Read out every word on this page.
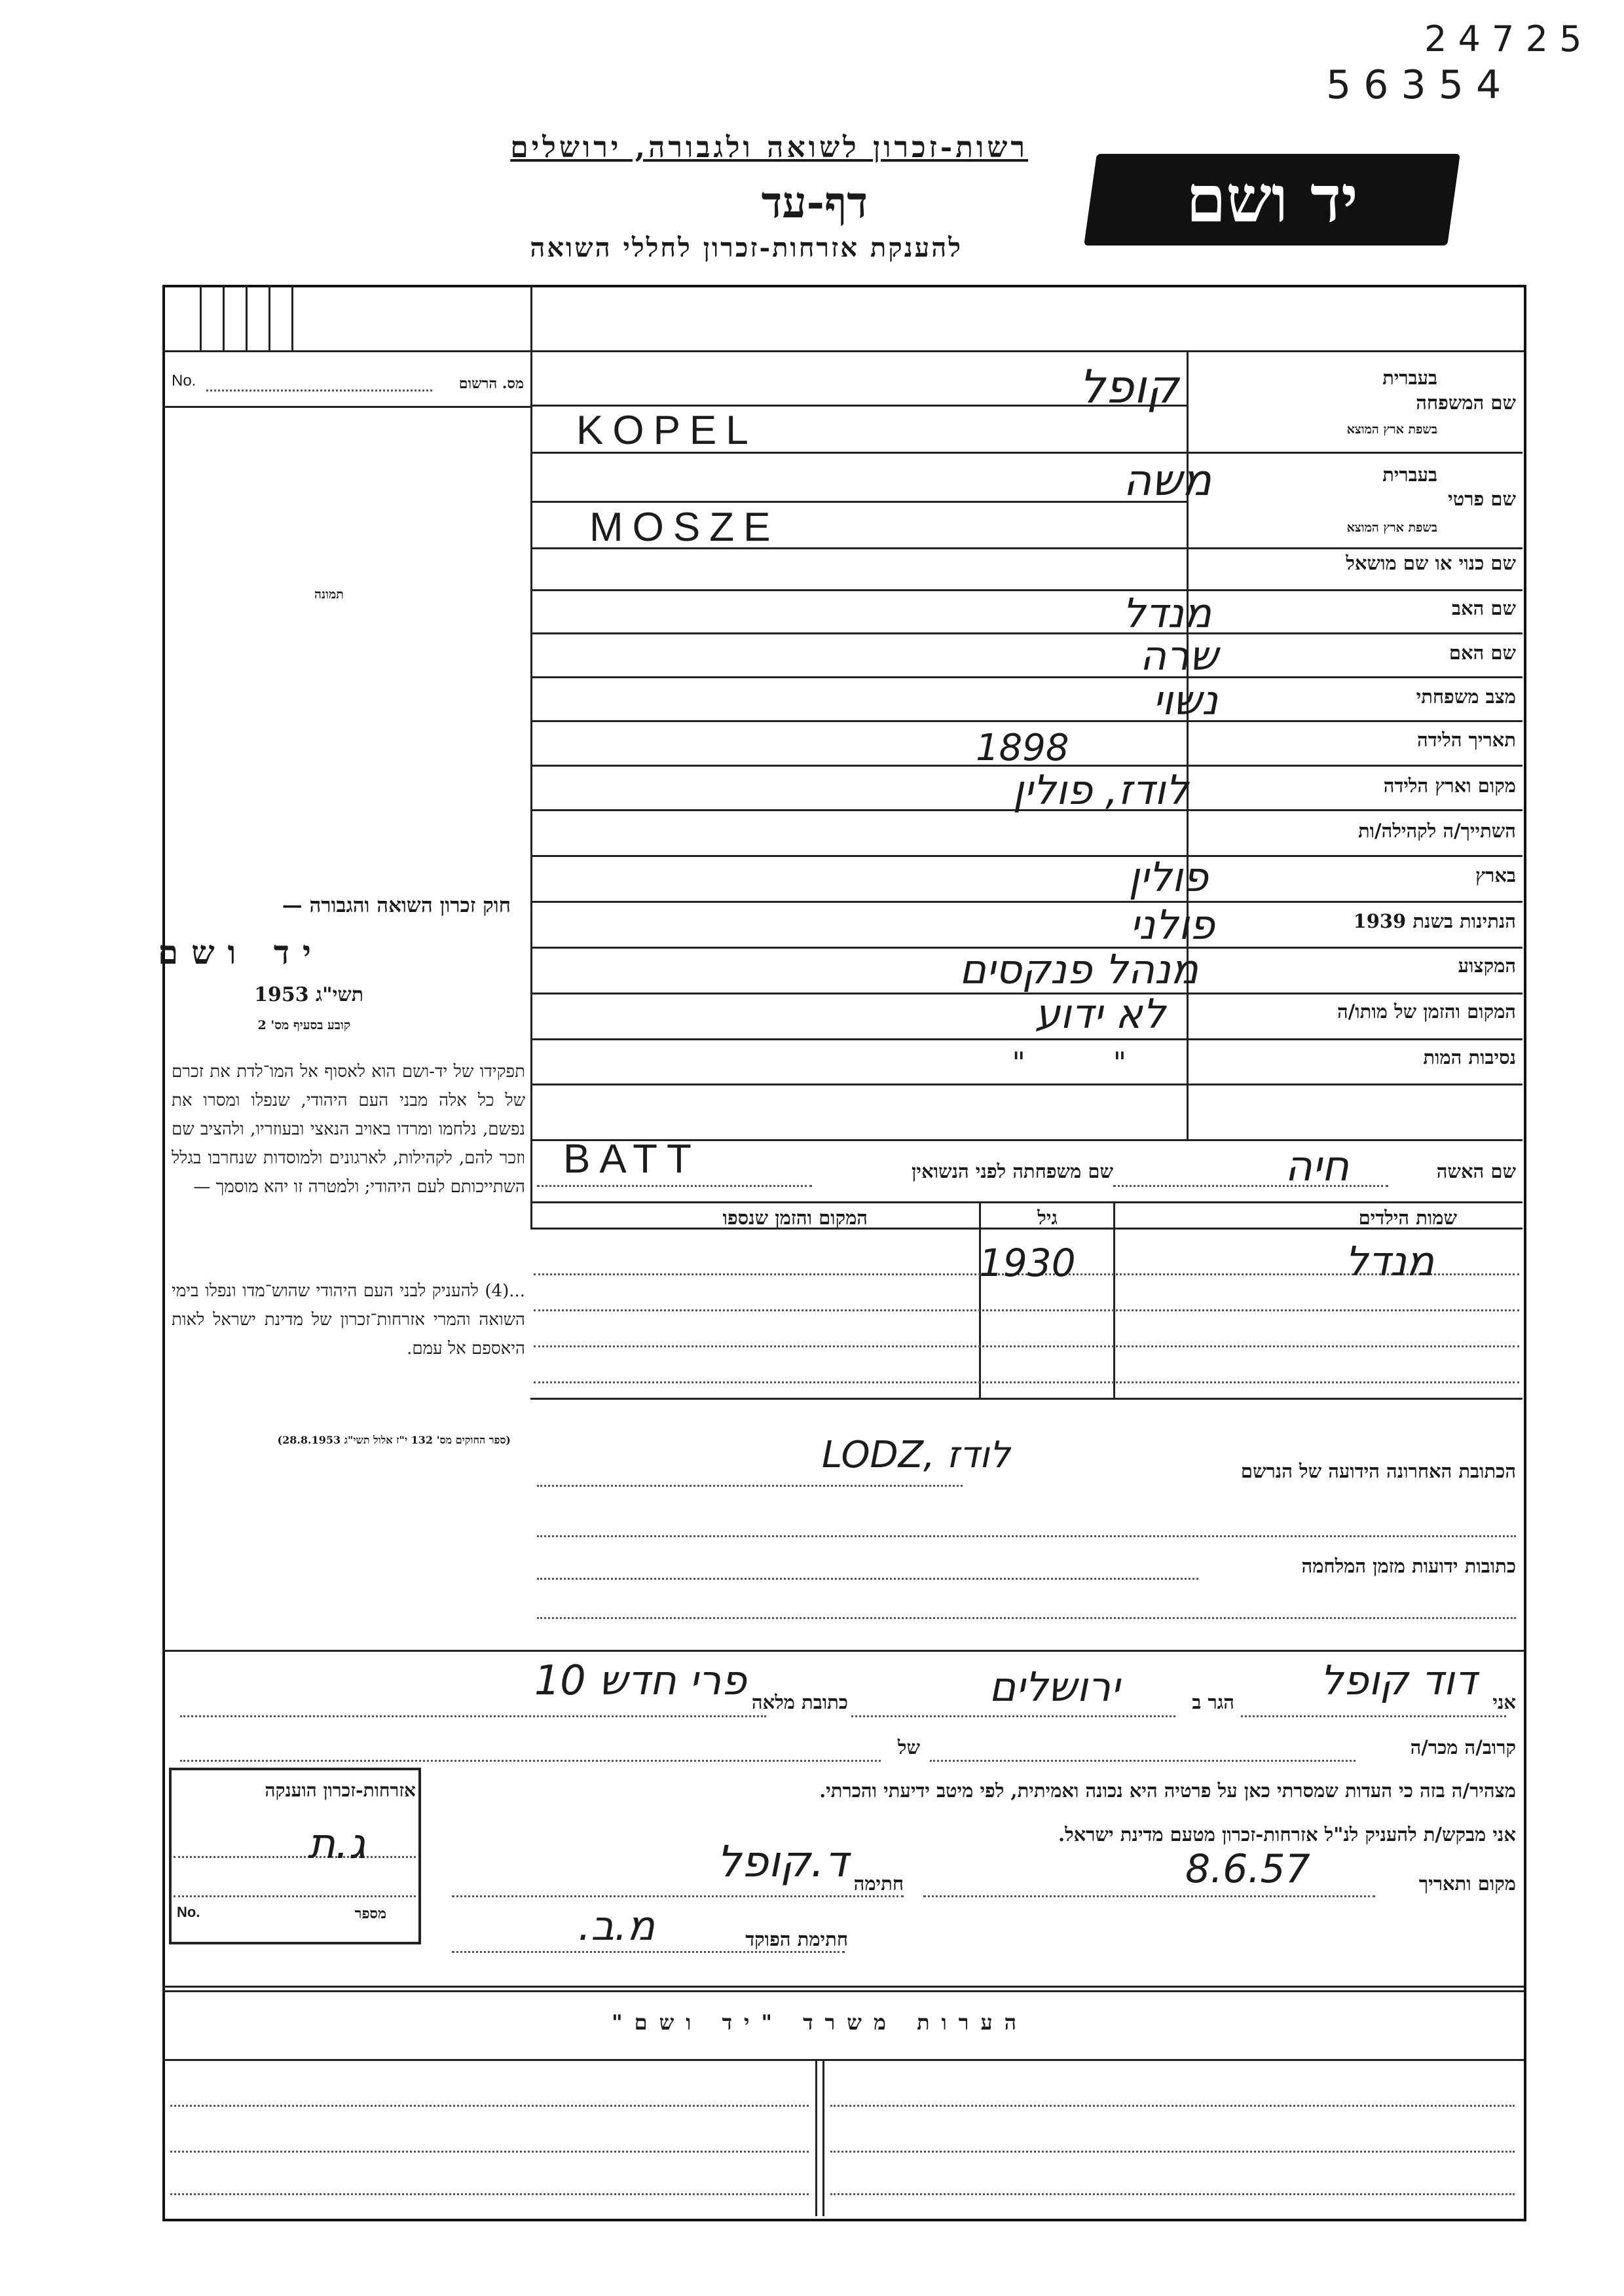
2 4 7 2 5
5 6 3 5 4
רשות-זכרון לשואה ולגבורה, ירושלים
דף-עד
להענקת אזרחות-זכרון לחללי השואה
יד ושם
No.	מס. הרשום
תמונה
חוק זכרון השואה והגבורה —
יד ושם
תשי"ג 1953
קובע בסעיף מס' 2
תפקידו של יד-ושם הוא לאסוף אל המו־לדת את זכרם של כל אלה מבני העם היהודי, שנפלו ומסרו את נפשם, נלחמו ומרדו באויב הנאצי ובעוזריו, ולהציב שם וזכר להם, לקהילות, לארגונים ולמוסדות שנחרבו בגלל השתייכותם לעם היהודי; ולמטרה זו יהא מוסמך —
...(4) להעניק לבני העם היהודי שהוש־מדו ונפלו בימי השואה והמרי אזרחות־זכרון של מדינת ישראל לאות היאספם אל עמם.
(ספר החוקים מס' 132 י"ז אלול תשי"ג 28.8.1953)
שם המשפחה
בעברית
בשפת ארץ המוצא
קופל
KOPEL
שם פרטי
בעברית
בשפת ארץ המוצא
משה
MOSZE
שם כנוי או שם מושאל
שם האב
מנדל
שם האם
שרה
מצב משפחתי
נשוי
תאריך הלידה
1898
מקום וארץ הלידה
לודז, פולין
השתייך/ה לקהילה/ות
בארץ
פולין
הנתינות בשנת 1939
פולני
המקצוע
מנהל פנקסים
המקום והזמן של מותו/ה
לא ידוע
נסיבות המות
" "
שם האשה
חיה
שם משפחתה לפני הנשואין
BATT
שמות הילדים
גיל
המקום והזמן שנספו
מנדל
1930
הכתובת האחרונה הידועה של הנרשם
LODZ, לודז
כתובות ידועות מזמן המלחמה
אני
דוד קופל
הגר ב
ירושלים
כתובת מלאה
פרי חדש 10
קרוב/ה מכר/ה
של
מצהיר/ה בזה כי העדות שמסרתי כאן על פרטיה היא נכונה ואמיתית, לפי מיטב ידיעתי והכרתי.
אני מבקש/ת להעניק לנ"ל אזרחות-זכרון מטעם מדינת ישראל.
מקום ותאריך
8.6.57
חתימה
ד.קופל
חתימת הפוקד
מ.ב.
אזרחות-זכרון הוענקה
No.	מספר
ג.ת
הערות משרד "יד ושם"
